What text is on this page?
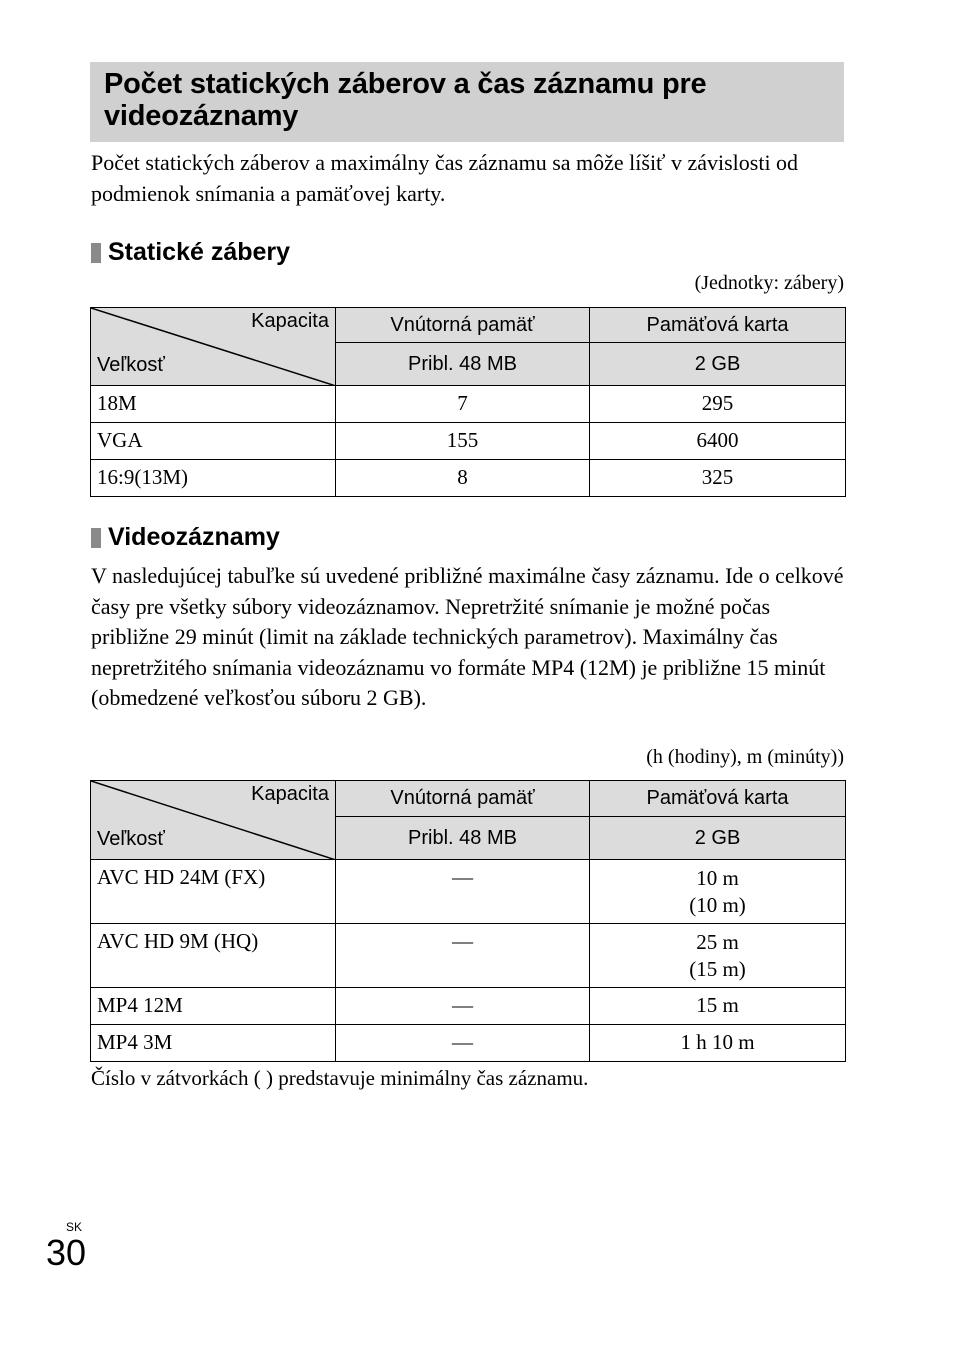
Počet statických záberov a čas záznamu pre videozáznamy
Počet statických záberov a maximálny čas záznamu sa môže líšiť v závislosti od podmienok snímania a pamäťovej karty.
Statické zábery
(Jednotky: zábery)
Kapacita
Veľkosť	Vnútorná pamäť	Pamäťová karta
	Pribl. 48 MB	2 GB
18M	7	295
VGA	155	6400
16:9(13M)	8	325
Videozáznamy
V nasledujúcej tabuľke sú uvedené približné maximálne časy záznamu. Ide o celkové časy pre všetky súbory videozáznamov. Nepretržité snímanie je možné počas približne 29 minút (limit na základe technických parametrov). Maximálny čas nepretržitého snímania videozáznamu vo formáte MP4 (12M) je približne 15 minút (obmedzené veľkosťou súboru 2 GB).
(h (hodiny), m (minúty))
Kapacita
Veľkosť	Vnútorná pamäť	Pamäťová karta
	Pribl. 48 MB	2 GB
AVC HD 24M (FX)	—	10 m
(10 m)

AVC HD 9M (HQ)	—	25 m
(15 m)

MP4 12M	—	15 m
MP4 3M	—	1 h 10 m
Číslo v zátvorkách ( ) predstavuje minimálny čas záznamu.
SK
30
